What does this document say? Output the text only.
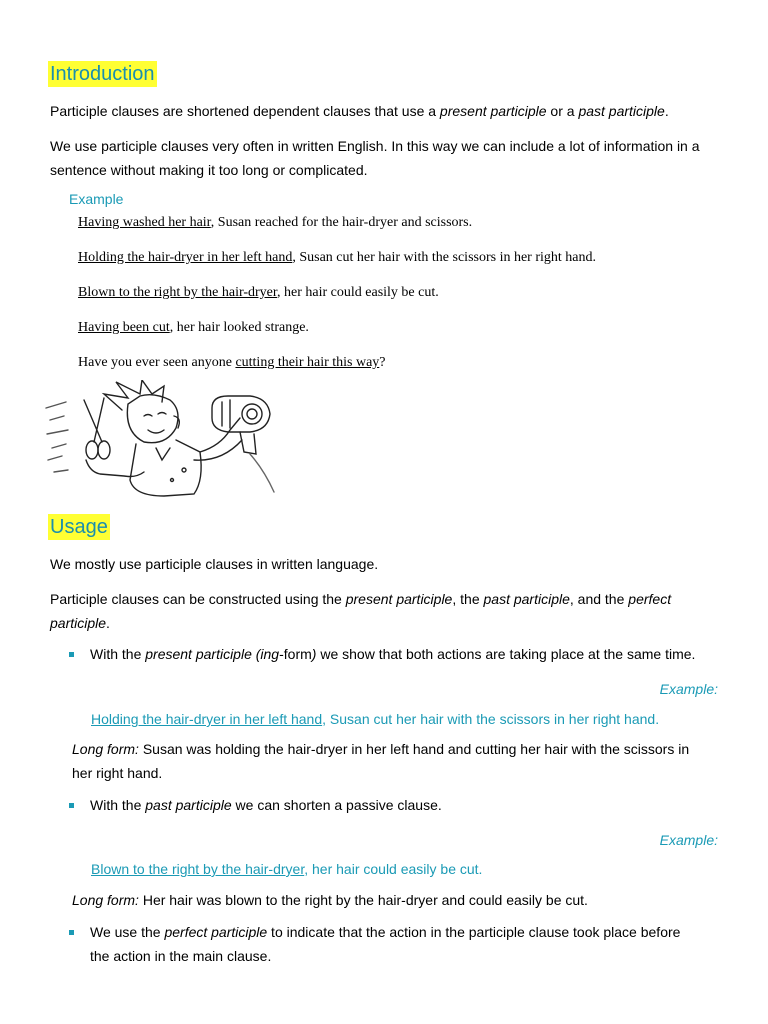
Introduction

Participle clauses are shortened dependent clauses that use a present participle or a past participle.

We use participle clauses very often in written English. In this way we can include a lot of information in a

sentence without making it too long or complicated.

Example

Having washed her hair, Susan reached for the hair-dryer and scissors.

Holding the hair-dryer in her left hand, Susan cut her hair with the scissors in her right hand.

Blown to the right by the hair-dryer, her hair could easily be cut.

Having been cut, her hair looked strange.

Have you ever seen anyone cutting their hair this way?

Usage

We mostly use participle clauses in written language.

Participle clauses can be constructed using the present participle, the past participle, and the perfect

participle.

With the present participle (ing-form) we show that both actions are taking place at the same time.

Example:

Holding the hair-dryer in her left hand, Susan cut her hair with the scissors in her right hand.

Long form: Susan was holding the hair-dryer in her left hand and cutting her hair with the scissors in

her right hand.

With the past participle we can shorten a passive clause.

Example:

Blown to the right by the hair-dryer, her hair could easily be cut.

Long form: Her hair was blown to the right by the hair-dryer and could easily be cut.

We use the perfect participle to indicate that the action in the participle clause took place before

the action in the main clause.
